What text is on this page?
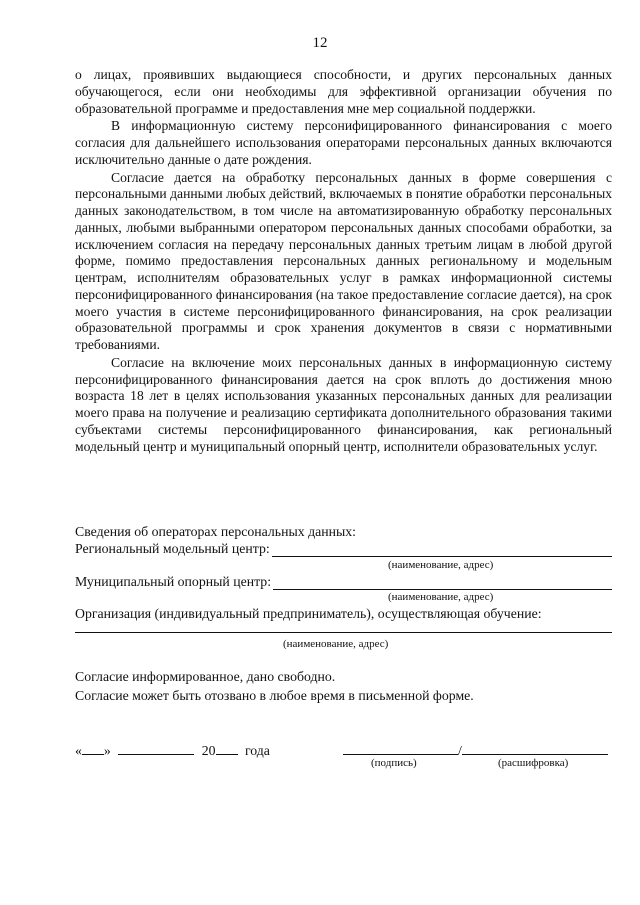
12

о лицах, проявивших выдающиеся способности, и других персональных данных обучающегося, если они необходимы для эффективной организации обучения по образовательной программе и предоставления мне мер социальной поддержки.

В информационную систему персонифицированного финансирования с моего согласия для дальнейшего использования операторами персональных данных включаются исключительно данные о дате рождения.

Согласие дается на обработку персональных данных в форме совершения с персональными данными любых действий, включаемых в понятие обработки персональных данных законодательством, в том числе на автоматизированную обработку персональных данных, любыми выбранными оператором персональных данных способами обработки, за исключением согласия на передачу персональных данных третьим лицам в любой другой форме, помимо предоставления персональных данных региональному и модельным центрам, исполнителям образовательных услуг в рамках информационной системы персонифицированного финансирования (на такое предоставление согласие дается), на срок моего участия в системе персонифицированного финансирования, на срок реализации образовательной программы и срок хранения документов в связи с нормативными требованиями.

Согласие на включение моих персональных данных в информационную систему персонифицированного финансирования дается на срок вплоть до достижения мною возраста 18 лет в целях использования указанных персональных данных для реализации моего права на получение и реализацию сертификата дополнительного образования такими субъектами системы персонифицированного финансирования, как региональный модельный центр и муниципальный опорный центр, исполнители образовательных услуг.

Сведения об операторах персональных данных:
Региональный модельный центр:
(наименование, адрес)
Муниципальный опорный центр:
(наименование, адрес)
Организация (индивидуальный предприниматель), осуществляющая обучение:
(наименование, адрес)
Согласие информированное, дано свободно.
Согласие может быть отозвано в любое время в письменной форме.
« »	20 года	/
(подпись)	(расшифровка)
